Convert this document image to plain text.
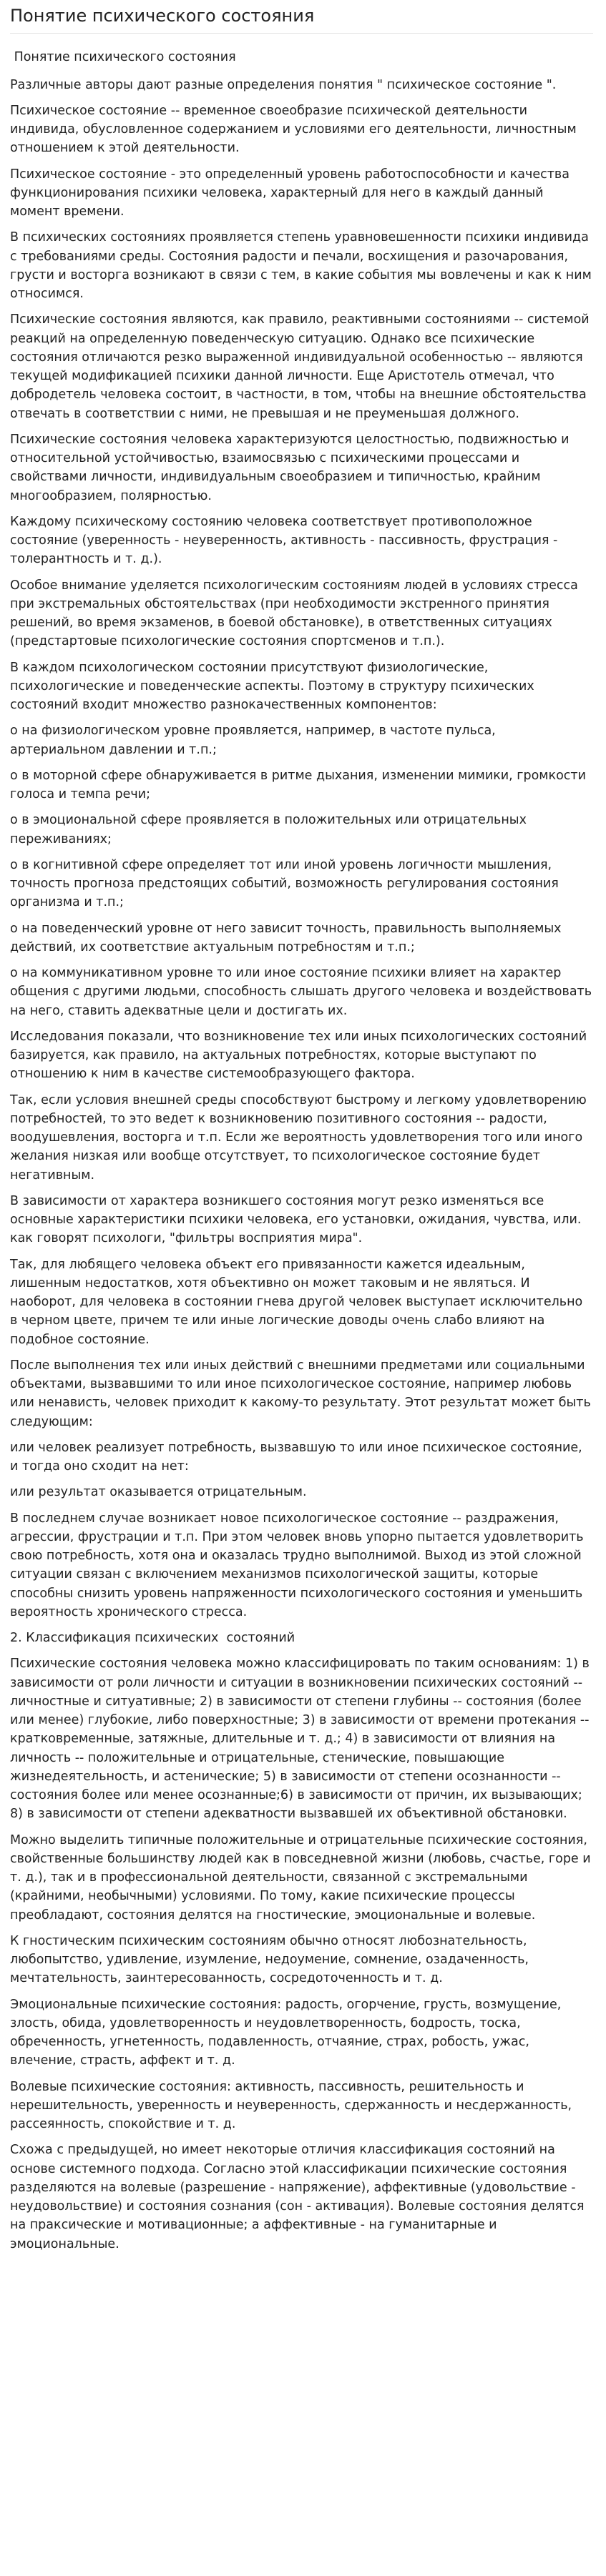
Понятие психического состояния

Понятие психического состояния

Различные авторы дают разные определения понятия " психическое состояние ".

Психическое состояние -- временное своеобразие психической деятельности индивида, обусловленное содержанием и условиями его деятельности, личностным отношением к этой деятельности.

Психическое состояние - это определенный уровень работоспособности и качества функционирования психики человека, характерный для него в каждый данный момент времени.

В психических состояниях проявляется степень уравновешенности психики индивида с требованиями среды. Состояния радости и печали, восхищения и разочарования, грусти и восторга возникают в связи с тем, в какие события мы вовлечены и как к ним относимся.

Психические состояния являются, как правило, реактивными состояниями -- системой реакций на определенную поведенческую ситуацию. Однако все психические состояния отличаются резко выраженной индивидуальной особенностью -- являются текущей модификацией психики данной личности. Еще Аристотель отмечал, что добродетель человека состоит, в частности, в том, чтобы на внешние обстоятельства отвечать в соответствии с ними, не превышая и не преуменьшая должного.

Психические состояния человека характеризуются целостностью, подвижностью и относительной устойчивостью, взаимосвязью с психическими процессами и свойствами личности, индивидуальным своеобразием и типичностью, крайним многообразием, полярностью.

Каждому психическому состоянию человека соответствует противоположное состояние (уверенность - неуверенность, активность - пассивность, фрустрация - толерантность и т. д.).

Особое внимание уделяется психологическим состояниям людей в условиях стресса при экстремальных обстоятельствах (при необходимости экстренного принятия решений, во время экзаменов, в боевой обстановке), в ответственных ситуациях (предстартовые психологические состояния спортсменов и т.п.).

В каждом психологическом состоянии присутствуют физиологические, психологические и поведенческие аспекты. Поэтому в структуру психических состояний входит множество разнокачественных компонентов:

o на физиологическом уровне проявляется, например, в частоте пульса, артериальном давлении и т.п.;

o в моторной сфере обнаруживается в ритме дыхания, изменении мимики, громкости голоса и темпа речи;

o в эмоциональной сфере проявляется в положительных или отрицательных переживаниях;

o в когнитивной сфере определяет тот или иной уровень логичности мышления, точность прогноза предстоящих событий, возможность регулирования состояния организма и т.п.;

o на поведенческий уровне от него зависит точность, правильность выполняемых действий, их соответствие актуальным потребностям и т.п.;

o на коммуникативном уровне то или иное состояние психики влияет на характер общения с другими людьми, способность слышать другого человека и воздействовать на него, ставить адекватные цели и достигать их.

Исследования показали, что возникновение тех или иных психологических состояний базируется, как правило, на актуальных потребностях, которые выступают по отношению к ним в качестве системообразующего фактора.

Так, если условия внешней среды способствуют быстрому и легкому удовлетворению потребностей, то это ведет к возникновению позитивного состояния -- радости, воодушевления, восторга и т.п. Если же вероятность удовлетворения того или иного желания низкая или вообще отсутствует, то психологическое состояние будет негативным.

В зависимости от характера возникшего состояния могут резко изменяться все основные характеристики психики человека, его установки, ожидания, чувства, или. как говорят психологи, "фильтры восприятия мира".

Так, для любящего человека объект его привязанности кажется идеальным, лишенным недостатков, хотя объективно он может таковым и не являться. И наоборот, для человека в состоянии гнева другой человек выступает исключительно в черном цвете, причем те или иные логические доводы очень слабо влияют на подобное состояние.

После выполнения тех или иных действий с внешними предметами или социальными объектами, вызвавшими то или иное психологическое состояние, например любовь или ненависть, человек приходит к какому-то результату. Этот результат может быть следующим:

или человек реализует потребность, вызвавшую то или иное психическое состояние, и тогда оно сходит на нет:

или результат оказывается отрицательным.

В последнем случае возникает новое психологическое состояние -- раздражения, агрессии, фрустрации и т.п. При этом человек вновь упорно пытается удовлетворить свою потребность, хотя она и оказалась трудно выполнимой. Выход из этой сложной ситуации связан с включением механизмов психологической защиты, которые способны снизить уровень напряженности психологического состояния и уменьшить вероятность хронического стресса.

2. Классификация психических  состояний

Психические состояния человека можно классифицировать по таким основаниям: 1) в зависимости от роли личности и ситуации в возникновении психических состояний -- личностные и ситуативные; 2) в зависимости от степени глубины -- состояния (более или менее) глубокие, либо поверхностные; 3) в зависимости от времени протекания -- кратковременные, затяжные, длительные и т. д.; 4) в зависимости от влияния на личность -- положительные и отрицательные, стенические, повышающие жизнедеятельность, и астенические; 5) в зависимости от степени осознанности -- состояния более или менее осознанные;6) в зависимости от причин, их вызывающих; 8) в зависимости от степени адекватности вызвавшей их объективной обстановки.

Можно выделить типичные положительные и отрицательные психические состояния, свойственные большинству людей как в повседневной жизни (любовь, счастье, горе и т. д.), так и в профессиональной деятельности, связанной с экстремальными (крайними, необычными) условиями. По тому, какие психические процессы преобладают, состояния делятся на гностические, эмоциональные и волевые.

К гностическим психическим состояниям обычно относят любознательность, любопытство, удивление, изумление, недоумение, сомнение, озадаченность, мечтательность, заинтересованность, сосредоточенность и т. д.

Эмоциональные психические состояния: радость, огорчение, грусть, возмущение, злость, обида, удовлетворенность и неудовлетворенность, бодрость, тоска, обреченность, угнетенность, подавленность, отчаяние, страх, робость, ужас, влечение, страсть, аффект и т. д.

Волевые психические состояния: активность, пассивность, решительность и нерешительность, уверенность и неуверенность, сдержанность и несдержанность, рассеянность, спокойствие и т. д.

Схожа с предыдущей, но имеет некоторые отличия классификация состояний на основе системного подхода. Согласно этой классификации психические состояния разделяются на волевые (разрешение - напряжение), аффективные (удовольствие - неудовольствие) и состояния сознания (сон - активация). Волевые состояния делятся на праксические и мотивационные; а аффективные - на гуманитарные и эмоциональные.
